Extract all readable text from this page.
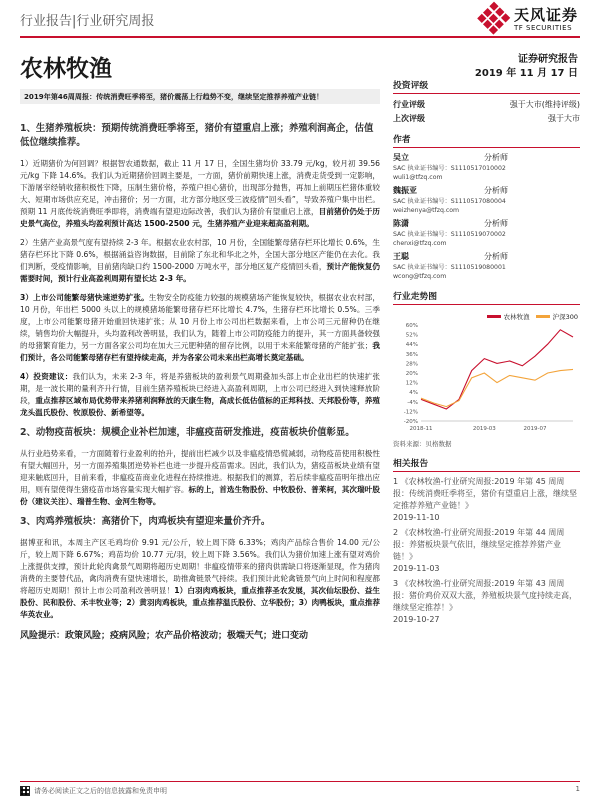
行业报告|行业研究周报	天风证券
TF SECURITIES
农林牧渔	证券研究报告
2019 年 11 月 17 日
2019年第46周周报：传统消费旺季将至，猪价震荡上行趋势不变，继续坚定推荐养殖产业链！
1、生猪养殖板块：预期传统消费旺季将至，猪价有望重启上涨；养殖利润高企，估值低位继续推荐。

1）近期猪价为何回调？根据智农通数据，截止 11 月 17 日，全国生猪均价 33.79 元/kg，较月初 39.56 元/kg 下降 14.6%。我们认为近期猪价回调主要是，一方面，猪价前期快速上涨，消费走货受到一定影响，下游屠宰经销收猪积极性下降，压制生猪价格，养殖户担心猪价，出现部分抛售，再加上前期压栏猪体重较大、短期市场供应充足，冲击猪价；另一方面，北方部分地区受三波疫情“回头看”，导致养殖户集中出栏。预期 11 月底传统消费旺季即将，消费端有望迎边际改善，我们认为猪价有望重启上涨，目前猪价仍处于历史景气高位，养殖头均盈利预计高达 1500-2500 元，生猪养殖产业迎来超高盈利期。

2）生猪产业高景气度有望持续 2-3 年。根据农业农村部，10 月份，全国能繁母猪存栏环比增长 0.6%，生猪存栏环比下降 0.6%，根据涌益咨询数据，目前除了东北和华北之外，全国大部分地区产能仍在去化。我们判断，受疫情影响，目前猪肉缺口约 1500-2000 万吨水平，部分地区复产疫情回头看，预计产能恢复仍需要时间，预计行业高盈利周期有望长达 2-3 年。

3）上市公司能繁母猪快速逆势扩张。生物安全防疫能力较强的规模猪场产能恢复较快，根据农业农村部，10 月份，年出栏 5000 头以上的规模猪场能繁母猪存栏环比增长 4.7%，生猪存栏环比增长 0.5%。三季度，上市公司能繁母猪开始重回快速扩张；从 10 月份上市公司出栏数据来看，上市公司三元留种仍在继续，销售均价大幅提升，头均盈利改善明显，我们认为，随着上市公司防疫能力的提升，其一方面具备较强的母猪繁育能力，另一方面各家公司均在加大三元肥种猪的留存比例，以用于未来能繁母猪的产能扩张；我们预计，各公司能繁母猪存栏有望持续走高，并为各家公司未来出栏高增长奠定基础。

4）投资建议：我们认为，未来 2-3 年，将是养猪板块的盈利景气周期叠加头部上市企业出栏的快速扩张期，是一波长期的量利齐升行情，目前生猪养殖板块已经进入高盈利周期，上市公司已经进入到快速释放阶段，重点推荐区域布局优势带来养猪利润释放的天康生物，高成长低估值标的正邦科技、天邦股份等，养殖龙头温氏股份、牧原股份、新希望等。

2、动物疫苗板块：规模企业补栏加速，非瘟疫苗研发推进，疫苗板块价值彰显。

从行业趋势来看，一方面随着行业盈利的抬升，提前出栏减少以及非瘟疫情恐慌减弱，动物疫苗使用积极性有望大幅回升，另一方面养殖集团逆势补栏也进一步提升疫苗需求。因此，我们认为，猪疫苗板块业绩有望迎来触底回升，目前来看，非瘟疫苗商业化进程在持续推进。根据我们的测算，若后续非瘟疫苗明年推出应用，则有望使得生猪疫苗市场容量实现大幅扩容。标的上，首选生物股份、中牧股份、普莱柯，其次瑞叶股份（建议关注）、瑞普生物、金河生物等。

3、肉鸡养殖板块：高猪价下，肉鸡板块有望迎来量价齐升。

据博亚和讯，本周主产区毛鸡均价 9.91 元/公斤，较上周下降 6.33%；鸡肉产品综合售价 14.00 元/公斤，较上周下降 6.67%；鸡苗均价 10.77 元/羽，较上周下降 3.56%。我们认为猪价加速上涨有望对鸡价上涨提供支撑，预计此轮肉禽景气周期将超历史周期！非瘟疫情带来的猪肉供需缺口将逐渐显现，作为猪肉消费的主要替代品，禽肉消费有望快速增长，助推禽链景气持续。我们预计此轮禽链景气向上时间和程度都将超历史周期！预计上市公司盈利改善明显！1）白羽肉鸡板块，重点推荐圣农发展，其次仙坛股份、益生股份、民和股份、禾丰牧业等；2）黄羽肉鸡板块，重点推荐温氏股份、立华股份；3）肉鸭板块，重点推荐华英农业。

风险提示：政策风险；疫病风险；农产品价格波动；极端天气；进口变动
投资评级
行业评级	强于大市(维持评级)
上次评级	强于大市
作者
吴立	分析师
SAC 执业证书编号：S1110517010002
wuli1@tfzq.com
魏振亚	分析师
SAC 执业证书编号：S1110517080004
weizhenya@tfzq.com
陈潇	分析师
SAC 执业证书编号：S1110519070002
chenxi@tfzq.com
王聪	分析师
SAC 执业证书编号：S1110519080001
wcong@tfzq.com
行业走势图
-20%
-12%
-4%
4%
12%
20%
28%
36%
44%
52%
60%
2018-11	2019-03	2019-07
农林牧渔	沪深300
资料来源：贝格数据
相关报告
1 《农林牧渔-行业研究周报:2019 年第 45 周周报：传统消费旺季将至，猪价有望重启上涨，继续坚定推荐养殖产业链！》
2019-11-10
2 《农林牧渔-行业研究周报:2019 年第 44 周周报：养猪板块景气依旧，继续坚定推荐养猪产业链！》
2019-11-03
3 《农林牧渔-行业研究周报:2019 年第 43 周周报：猪价鸡价双双大涨，养殖板块景气度持续走高，继续坚定推荐！》
2019-10-27
请务必阅读正文之后的信息披露和免责申明	1
